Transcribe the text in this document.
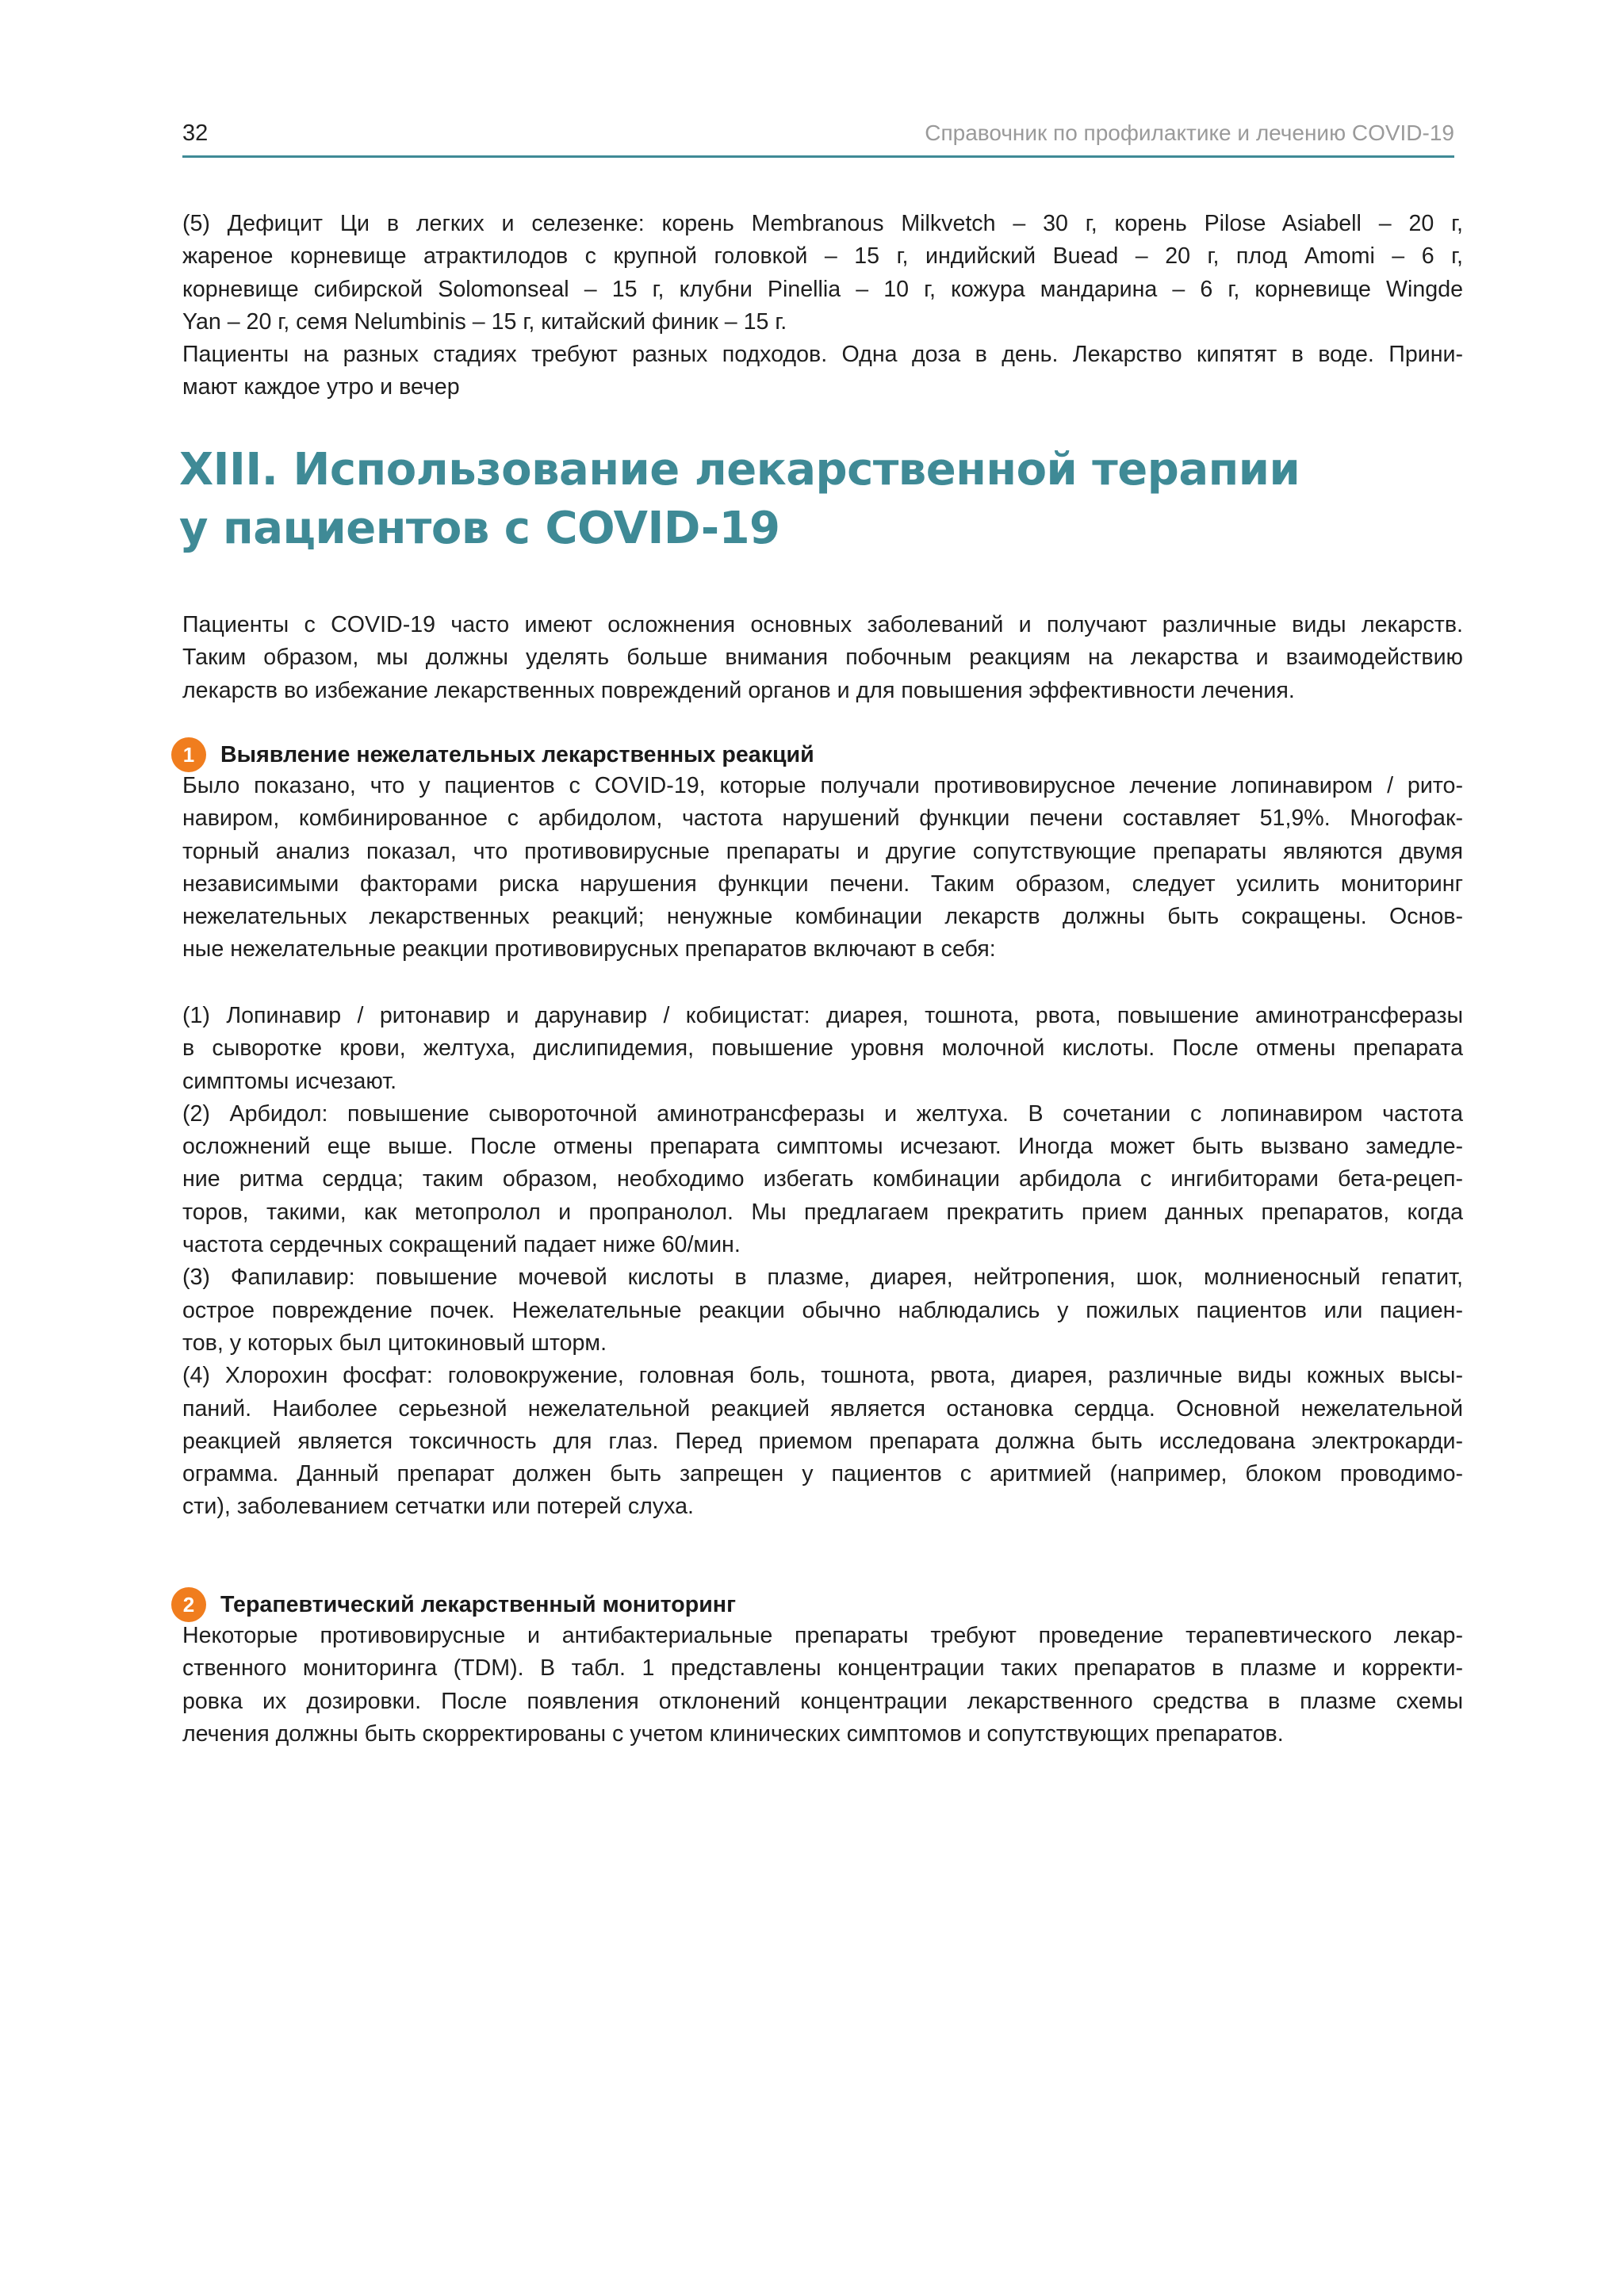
32	Справочник по профилактике и лечению COVID-19
(5) Дефицит Ци в легких и селезенке: корень Membranous Milkvetch – 30 г, корень Pilose Asiabell – 20 г,
жареное корневище атрактилодов с крупной головкой – 15 г, индийский Buead – 20 г, плод Amomi – 6 г,
корневище сибирской Solomonseal – 15 г, клубни Pinellia – 10 г, кожура мандарина – 6 г, корневище Wingde
Yan – 20 г, семя Nelumbinis – 15 г, китайский финик – 15 г.
Пациенты на разных стадиях требуют разных подходов. Одна доза в день. Лекарство кипятят в воде. Прини-
мают каждое утро и вечер
XIII. Использование лекарственной терапии
у пациентов с COVID-19
Пациенты с COVID-19 часто имеют осложнения основных заболеваний и получают различные виды лекарств.
Таким образом, мы должны уделять больше внимания побочным реакциям на лекарства и взаимодействию
лекарств во избежание лекарственных повреждений органов и для повышения эффективности лечения.
1	Выявление нежелательных лекарственных реакций
Было показано, что у пациентов с COVID-19, которые получали противовирусное лечение лопинавиром / рито-
навиром, комбинированное с арбидолом, частота нарушений функции печени составляет 51,9%. Многофак-
торный анализ показал, что противовирусные препараты и другие сопутствующие препараты являются двумя
независимыми факторами риска нарушения функции печени. Таким образом, следует усилить мониторинг
нежелательных лекарственных реакций; ненужные комбинации лекарств должны быть сокращены. Основ-
ные нежелательные реакции противовирусных препаратов включают в себя:
(1) Лопинавир / ритонавир и дарунавир / кобицистат: диарея, тошнота, рвота, повышение аминотрансферазы
в сыворотке крови, желтуха, дислипидемия, повышение уровня молочной кислоты. После отмены препарата
симптомы исчезают.
(2) Арбидол: повышение сывороточной аминотрансферазы и желтуха. В сочетании с лопинавиром частота
осложнений еще выше. После отмены препарата симптомы исчезают. Иногда может быть вызвано замедле-
ние ритма сердца; таким образом, необходимо избегать комбинации арбидола с ингибиторами бета-рецеп-
торов, такими, как метопролол и пропранолол. Мы предлагаем прекратить прием данных препаратов, когда
частота сердечных сокращений падает ниже 60/мин.
(3) Фапилавир: повышение мочевой кислоты в плазме, диарея, нейтропения, шок, молниеносный гепатит,
острое повреждение почек. Нежелательные реакции обычно наблюдались у пожилых пациентов или пациен-
тов, у которых был цитокиновый шторм.
(4) Хлорохин фосфат: головокружение, головная боль, тошнота, рвота, диарея, различные виды кожных высы-
паний. Наиболее серьезной нежелательной реакцией является остановка сердца. Основной нежелательной
реакцией является токсичность для глаз. Перед приемом препарата должна быть исследована электрокарди-
ограмма. Данный препарат должен быть запрещен у пациентов с аритмией (например, блоком проводимо-
сти), заболеванием сетчатки или потерей слуха.
2	Терапевтический лекарственный мониторинг
Некоторые противовирусные и антибактериальные препараты требуют проведение терапевтического лекар-
ственного мониторинга (TDM). В табл. 1 представлены концентрации таких препаратов в плазме и корректи-
ровка их дозировки. После появления отклонений концентрации лекарственного средства в плазме схемы
лечения должны быть скорректированы с учетом клинических симптомов и сопутствующих препаратов.
